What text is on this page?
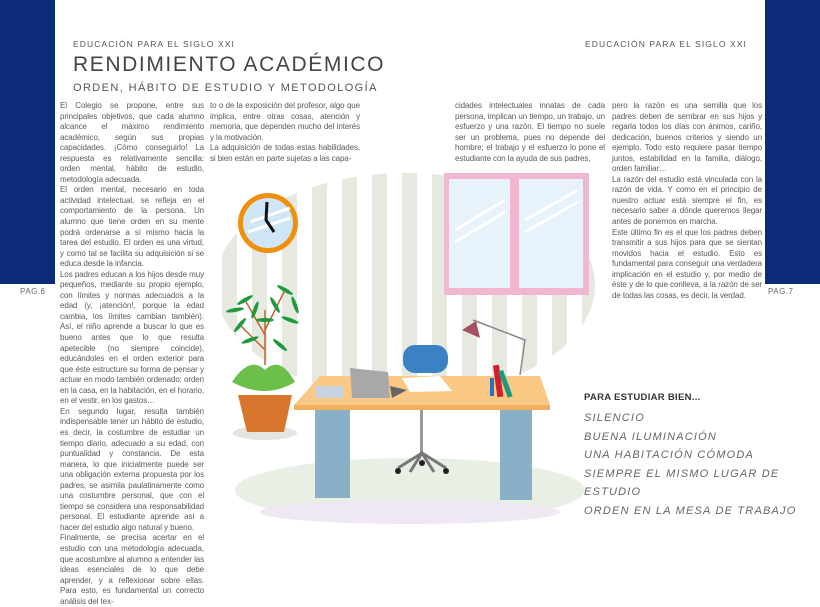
EDUCACIÓN PARA EL SIGLO XXI	EDUCACIÓN PARA EL SIGLO XXI
RENDIMIENTO ACADÉMICO
ORDEN, HÁBITO DE ESTUDIO Y METODOLOGÍA
PAG.6	PAG.7

El Colegio se propone, entre sus principales objetivos, que cada alumno alcance el máximo rendimiento académico, según sus propias capacidades. ¡Cómo conseguirlo! La respuesta es relativamente sencilla: orden mental, hábito de estudio, metodología adecuada.

El orden mental, necesario en toda actividad intelectual, se refleja en el comportamiento de la persona. Un alumno que tiene orden en su mente podrá ordenarse a sí mismo hacia la tarea del estudio. El orden es una virtud, y como tal se facilita su adquisición si se educa desde la infancia.

Los padres educan a los hijos desde muy pequeños, mediante su propio ejemplo, con límites y normas adecuados a la edad (y, ¡atención!, porque la edad cambia, los límites cambian también). Así, el niño aprende a buscar lo que es bueno antes que lo que resulta apetecible (no siempre coincide), educándoles en el orden exterior para que éste estructure su forma de pensar y actuar en modo también ordenado: orden en la casa, en la habitación, en el horario, en el vestir, en los gastos…

En segundo lugar, resulta también indispensable tener un hábito de estudio, es decir, la costumbre de estudiar un tiempo diario, adecuado a su edad, con puntualidad y constancia. De esta manera, lo que inicialmente puede ser una obligación externa propuesta por los padres, se asimila paulatinamente como una costumbre personal, que con el tiempo se considera una responsabilidad personal. El estudiante aprende así a hacer del estudio algo natural y bueno.

Finalmente, se precisa acertar en el estudio con una metodología adecuada, que acostumbre al alumno a entender las ideas esenciales de lo que debe aprender, y a reflexionar sobre ellas. Para esto, es fundamental un correcto análisis del tex-

to o de la exposición del profesor, algo que implica, entre otras cosas, atención y memoria, que dependen mucho del interés y la motivación.

La adquisición de todas estas habilidades, si bien están en parte sujetas a las capa-

cidades intelectuales innatas de cada persona, implican un tiempo, un trabajo, un esfuerzo y una razón. El tiempo no suele ser un problema, pues no depende del hombre; el trabajo y el esfuerzo lo pone el estudiante con la ayuda de sus padres,

pero la razón es una semilla que los padres deben de sembrar en sus hijos y regarla todos los días con ánimos, cariño, dedicación, buenos criterios y siendo un ejemplo. Todo esto requiere pasar tiempo juntos, estabilidad en la familia, diálogo, orden familiar…

La razón del estudio está vinculada con la razón de vida. Y como en el principio de nuestro actuar está siempre el fin, es necesario saber a dónde queremos llegar antes de ponernos en marcha.

Este último fin es el que los padres deben transmitir a sus hijos para que se sientan movidos hacia el estudio. Esto es fundamental para conseguir una verdadera implicación en el estudio y, por medio de éste y de lo que conlleva, a la razón de ser de todas las cosas, es decir, la verdad.

PARA ESTUDIAR BIEN...
SILENCIO
BUENA ILUMINACIÓN
UNA HABITACIÓN CÓMODA
SIEMPRE EL MISMO LUGAR DE ESTUDIO
ORDEN EN LA MESA DE TRABAJO
